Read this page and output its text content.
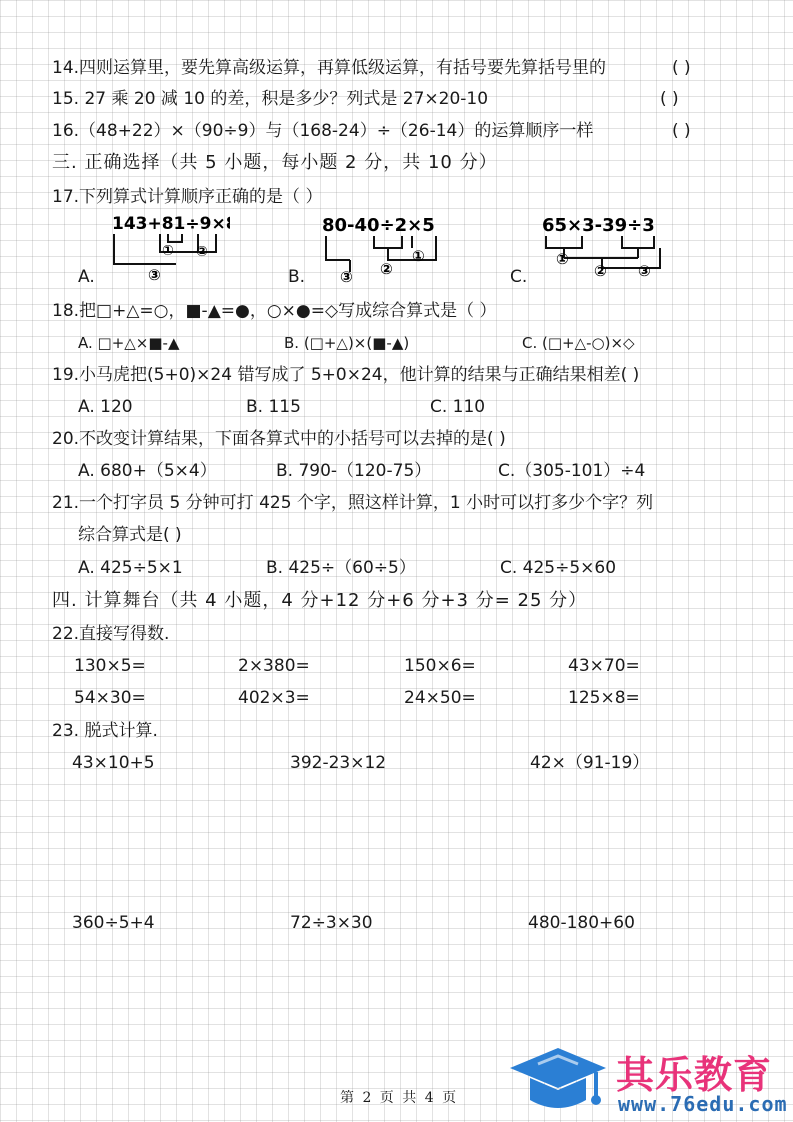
14.四则运算里，要先算高级运算，再算低级运算，有括号要先算括号里的	( )
15. 27 乘 20 减 10 的差，积是多少？列式是 27×20-10	( )
16.（48+22）×（90÷9）与（168-24）÷（26-14）的运算顺序一样	( )
三. 正确选择（共 5 小题，每小题 2 分，共 10 分）
17.下列算式计算顺序正确的是（ ）
A.	B.	C.
143+81÷9×8
① ②
③
80-40÷2×5
③ ②
①
65×3-39÷3
①
② ③
18.把□+△=○，■-▲=●，○×●=◇写成综合算式是（ ）
A. □+△×■-▲	B. (□+△)×(■-▲)	C. (□+△-○)×◇
19.小马虎把(5+0)×24 错写成了 5+0×24，他计算的结果与正确结果相差( )
A. 120	B. 115	C. 110
20.不改变计算结果，下面各算式中的小括号可以去掉的是( )
A. 680+（5×4）	B. 790-（120-75）	C.（305-101）÷4
21.一个打字员 5 分钟可打 425 个字，照这样计算，1 小时可以打多少个字？列
综合算式是( )
A. 425÷5×1	B. 425÷（60÷5）	C. 425÷5×60
四. 计算舞台（共 4 小题，4 分+12 分+6 分+3 分= 25 分）
22.直接写得数.
130×5=	2×380=	150×6=	43×70=
54×30=	402×3=	24×50=	125×8=
23. 脱式计算.
43×10+5	392-23×12	42×（91-19）
360÷5+4	72÷3×30	480-180+60
第 2 页 共 4 页
其乐教育
www.76edu.com
